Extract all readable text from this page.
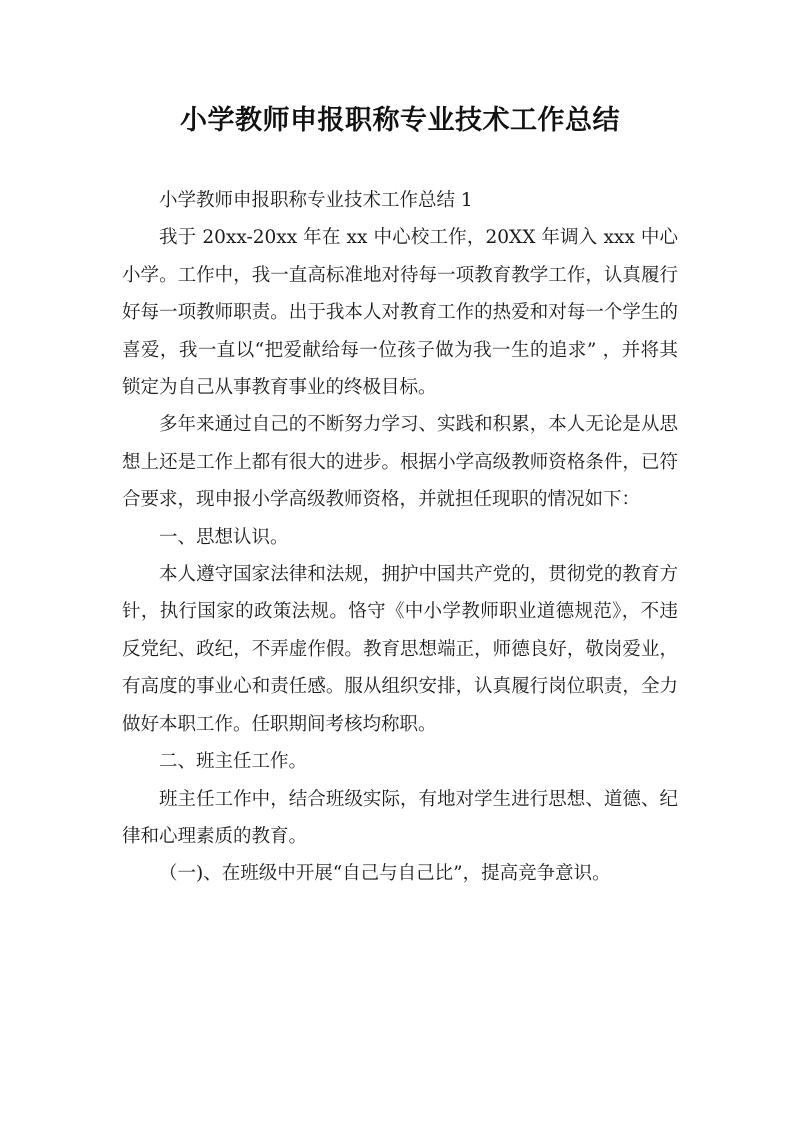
小学教师申报职称专业技术工作总结

小学教师申报职称专业技术工作总结 1

我于 20xx-20xx 年在 xx 中心校工作，20XX 年调入 xxx 中心小学。工作中，我一直高标准地对待每一项教育教学工作，认真履行好每一项教师职责。出于我本人对教育工作的热爱和对每一个学生的喜爱，我一直以“把爱献给每一位孩子做为我一生的追求” ，并将其锁定为自己从事教育事业的终极目标。

多年来通过自己的不断努力学习、实践和积累，本人无论是从思想上还是工作上都有很大的进步。根据小学高级教师资格条件，已符合要求，现申报小学高级教师资格，并就担任现职的情况如下：

一、思想认识。

本人遵守国家法律和法规，拥护中国共产党的，贯彻党的教育方针，执行国家的政策法规。恪守《中小学教师职业道德规范》，不违反党纪、政纪，不弄虚作假。教育思想端正，师德良好，敬岗爱业，有高度的事业心和责任感。服从组织安排，认真履行岗位职责，全力做好本职工作。任职期间考核均称职。

二、班主任工作。

班主任工作中，结合班级实际，有地对学生进行思想、道德、纪律和心理素质的教育。

（一)、在班级中开展“自己与自己比”，提高竞争意识。
